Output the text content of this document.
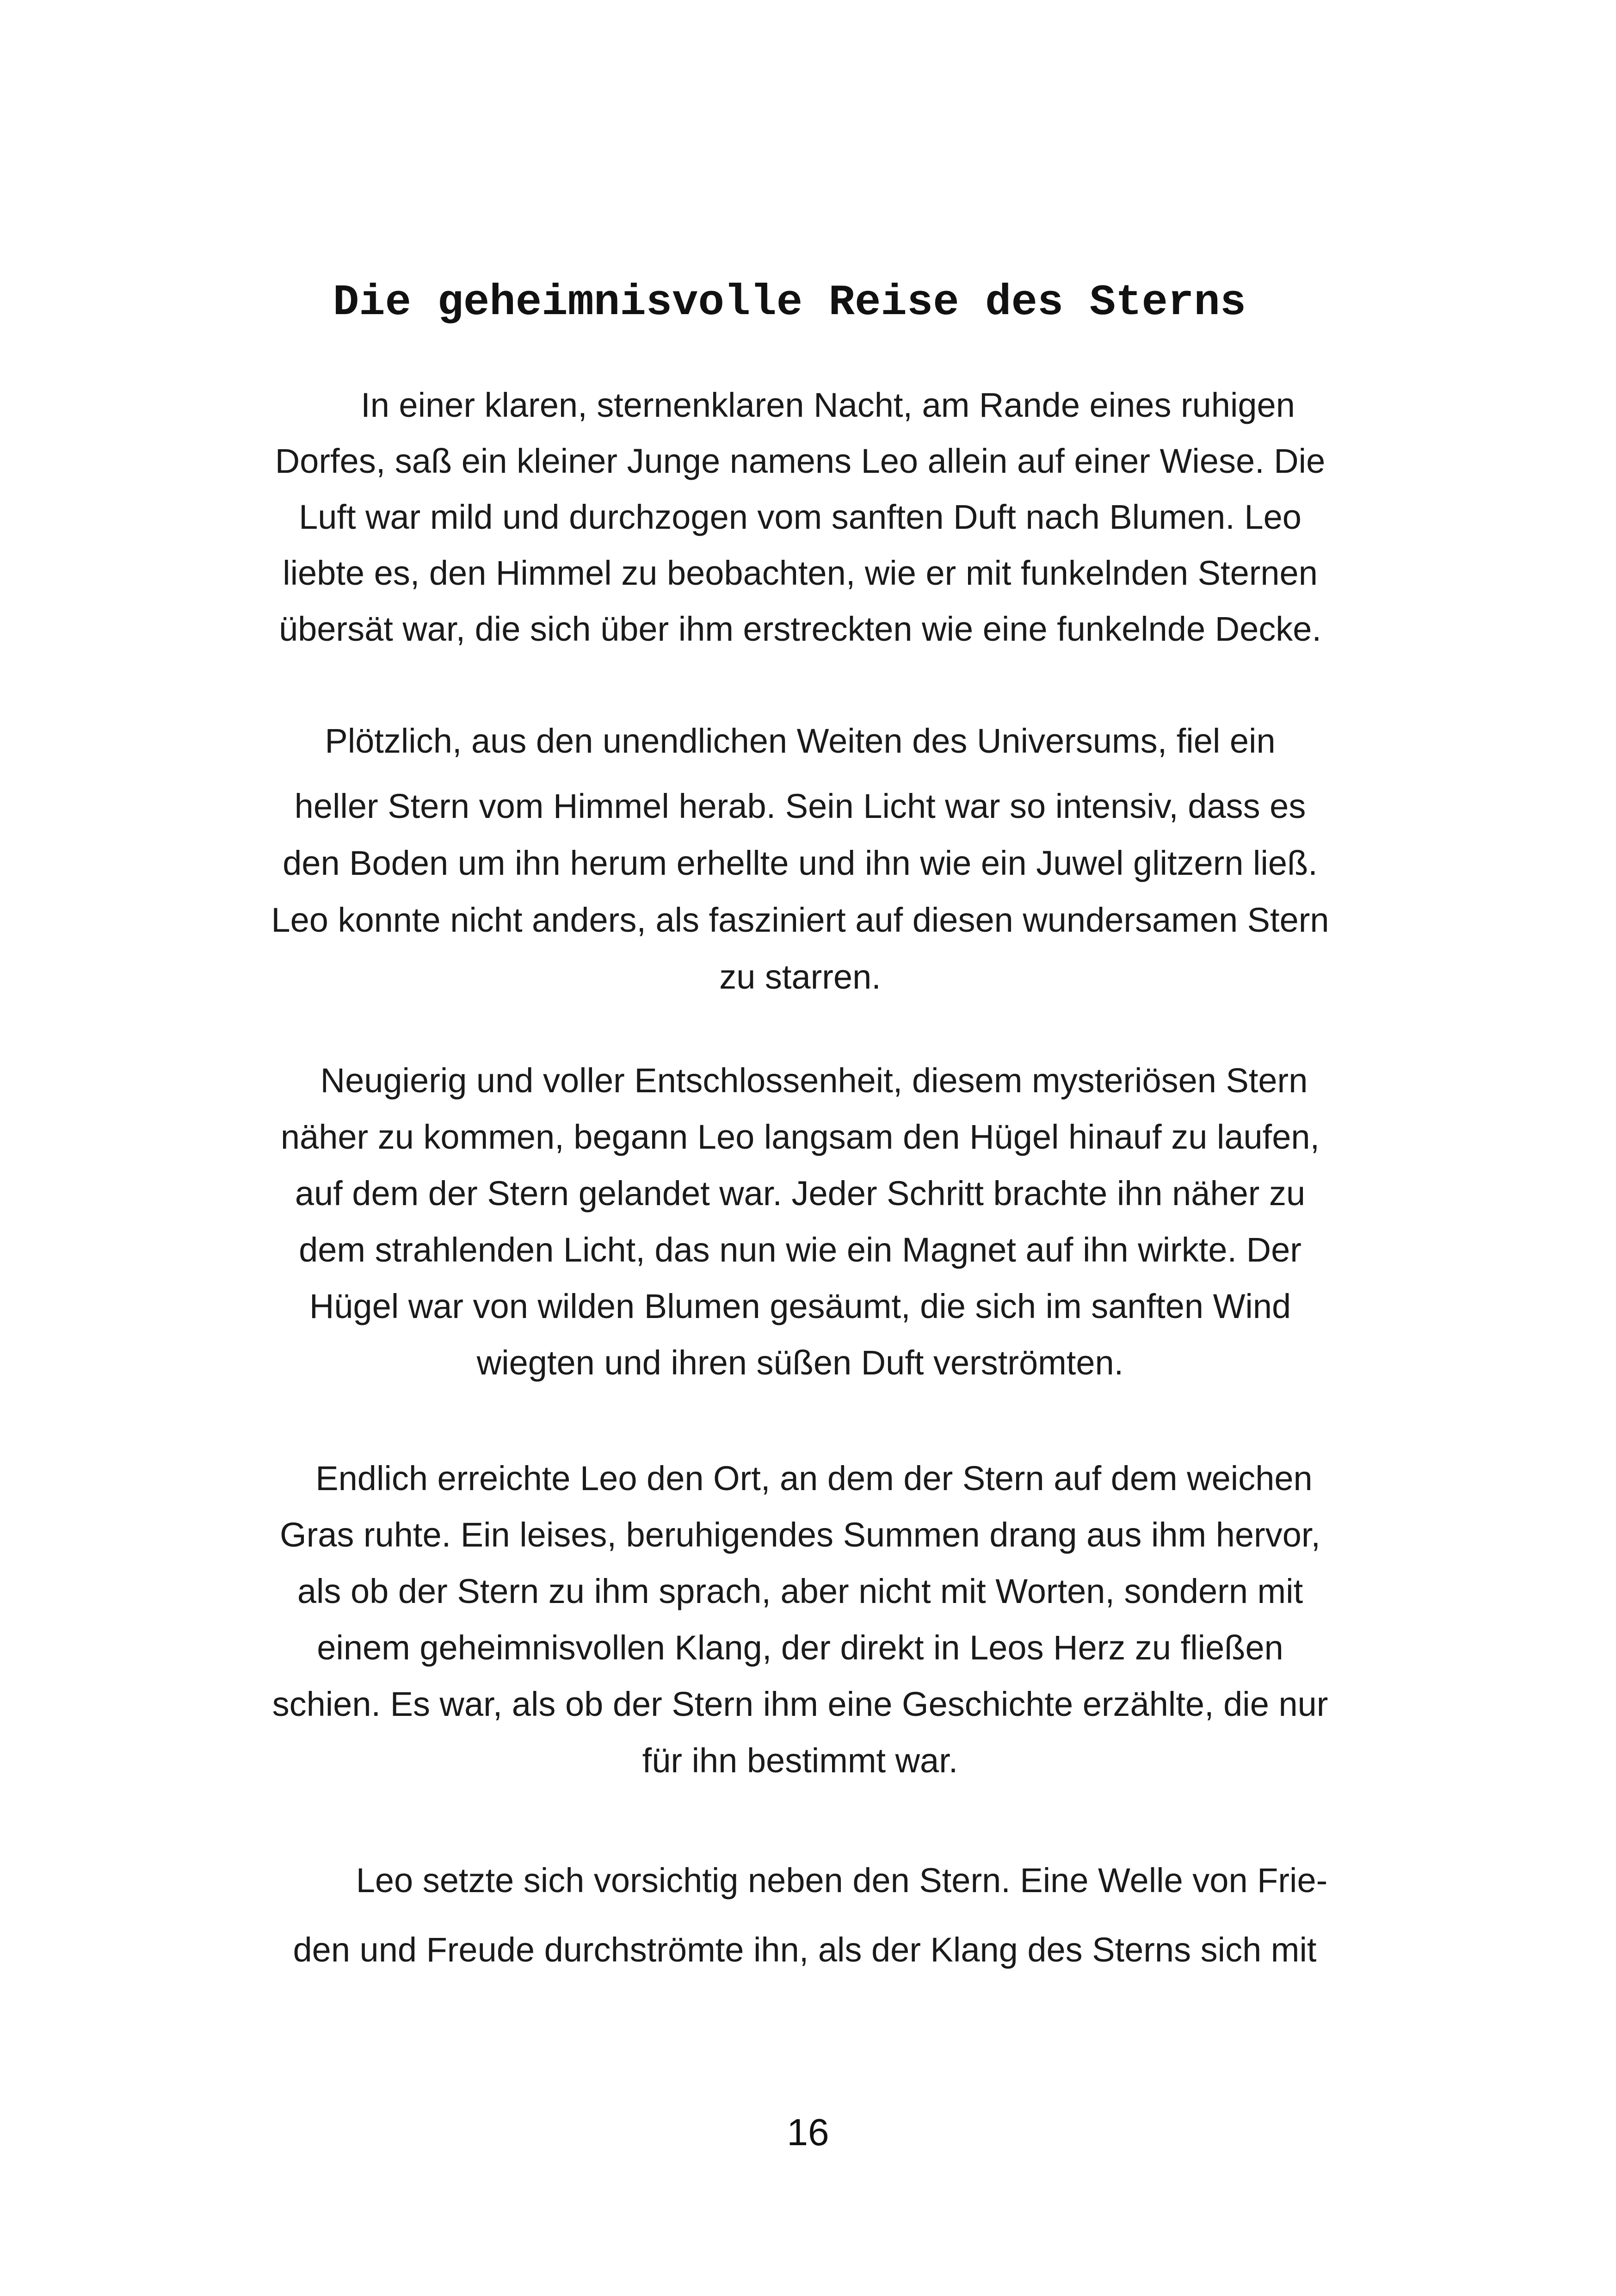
Die geheimnisvolle Reise des Sterns
In einer klaren, sternenklaren Nacht, am Rande eines ruhigen
Dorfes, saß ein kleiner Junge namens Leo allein auf einer Wiese. Die
Luft war mild und durchzogen vom sanften Duft nach Blumen. Leo
liebte es, den Himmel zu beobachten, wie er mit funkelnden Sternen
übersät war, die sich über ihm erstreckten wie eine funkelnde Decke.
Plötzlich, aus den unendlichen Weiten des Universums, fiel ein
heller Stern vom Himmel herab. Sein Licht war so intensiv, dass es
den Boden um ihn herum erhellte und ihn wie ein Juwel glitzern ließ.
Leo konnte nicht anders, als fasziniert auf diesen wundersamen Stern
zu starren.
Neugierig und voller Entschlossenheit, diesem mysteriösen Stern
näher zu kommen, begann Leo langsam den Hügel hinauf zu laufen,
auf dem der Stern gelandet war. Jeder Schritt brachte ihn näher zu
dem strahlenden Licht, das nun wie ein Magnet auf ihn wirkte. Der
Hügel war von wilden Blumen gesäumt, die sich im sanften Wind
wiegten und ihren süßen Duft verströmten.
Endlich erreichte Leo den Ort, an dem der Stern auf dem weichen
Gras ruhte. Ein leises, beruhigendes Summen drang aus ihm hervor,
als ob der Stern zu ihm sprach, aber nicht mit Worten, sondern mit
einem geheimnisvollen Klang, der direkt in Leos Herz zu fließen
schien. Es war, als ob der Stern ihm eine Geschichte erzählte, die nur
für ihn bestimmt war.
Leo setzte sich vorsichtig neben den Stern. Eine Welle von Frie-
den und Freude durchströmte ihn, als der Klang des Sterns sich mit
16
